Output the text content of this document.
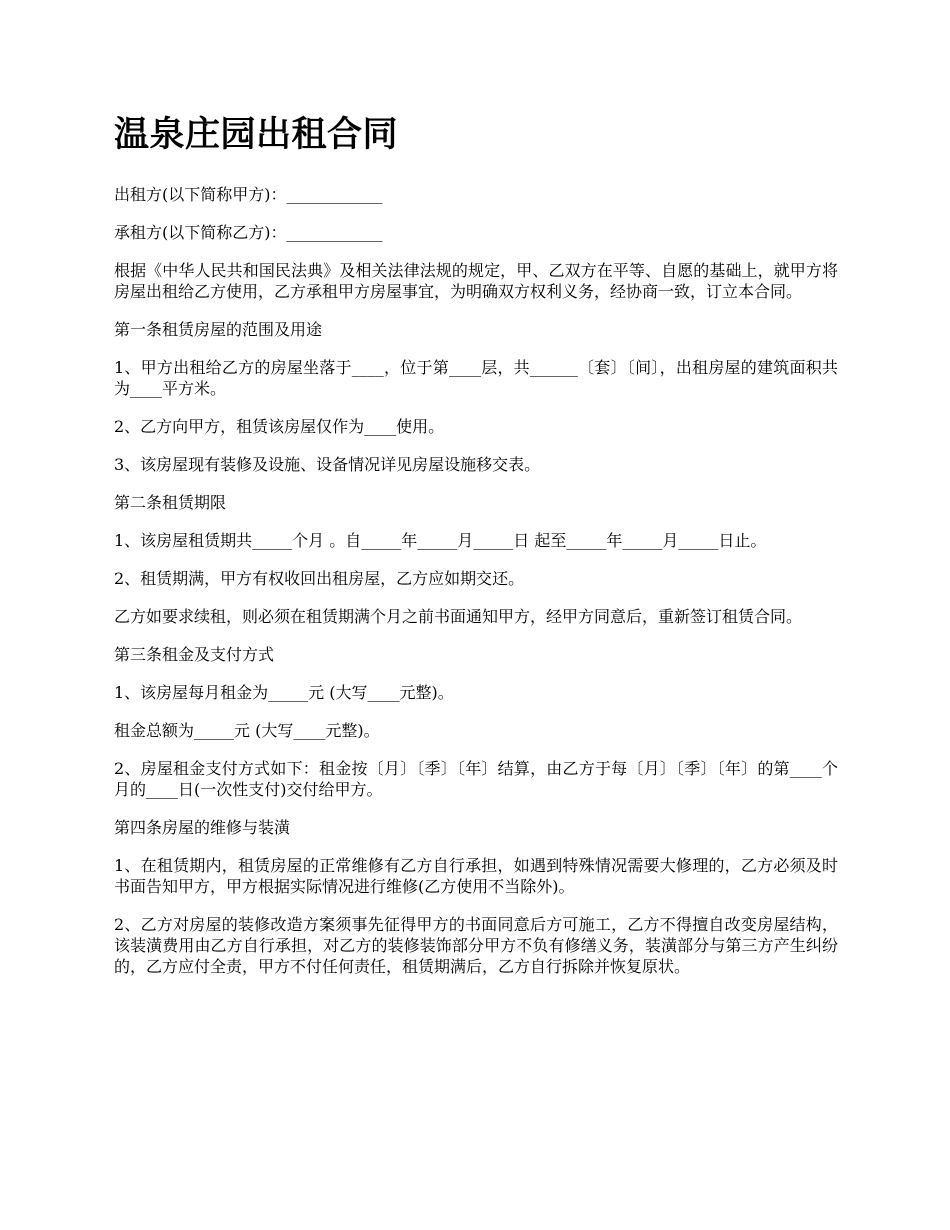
温泉庄园出租合同

出租方(以下简称甲方)：____________

承租方(以下简称乙方)：____________

根据《中华人民共和国民法典》及相关法律法规的规定，甲、乙双方在平等、自愿的基础上，就甲方将房屋出租给乙方使用，乙方承租甲方房屋事宜，为明确双方权利义务，经协商一致，订立本合同。

第一条租赁房屋的范围及用途

1、甲方出租给乙方的房屋坐落于____，位于第____层，共______〔套〕〔间〕，出租房屋的建筑面积共为____平方米。

2、乙方向甲方，租赁该房屋仅作为____使用。

3、该房屋现有装修及设施、设备情况详见房屋设施移交表。

第二条租赁期限

1、该房屋租赁期共_____个月 。自_____年_____月_____日 起至_____年_____月_____日止。

2、租赁期满，甲方有权收回出租房屋，乙方应如期交还。

乙方如要求续租，则必须在租赁期满个月之前书面通知甲方，经甲方同意后，重新签订租赁合同。

第三条租金及支付方式

1、该房屋每月租金为_____元 (大写____元整)。

租金总额为_____元 (大写____元整)。

2、房屋租金支付方式如下：租金按〔月〕〔季〕〔年〕结算，由乙方于每〔月〕〔季〕〔年〕的第____个月的____日(一次性支付)交付给甲方。

第四条房屋的维修与装潢

1、在租赁期内，租赁房屋的正常维修有乙方自行承担，如遇到特殊情况需要大修理的，乙方必须及时书面告知甲方，甲方根据实际情况进行维修(乙方使用不当除外)。

2、乙方对房屋的装修改造方案须事先征得甲方的书面同意后方可施工，乙方不得擅自改变房屋结构，该装潢费用由乙方自行承担，对乙方的装修装饰部分甲方不负有修缮义务，装潢部分与第三方产生纠纷的，乙方应付全责，甲方不付任何责任，租赁期满后，乙方自行拆除并恢复原状。
